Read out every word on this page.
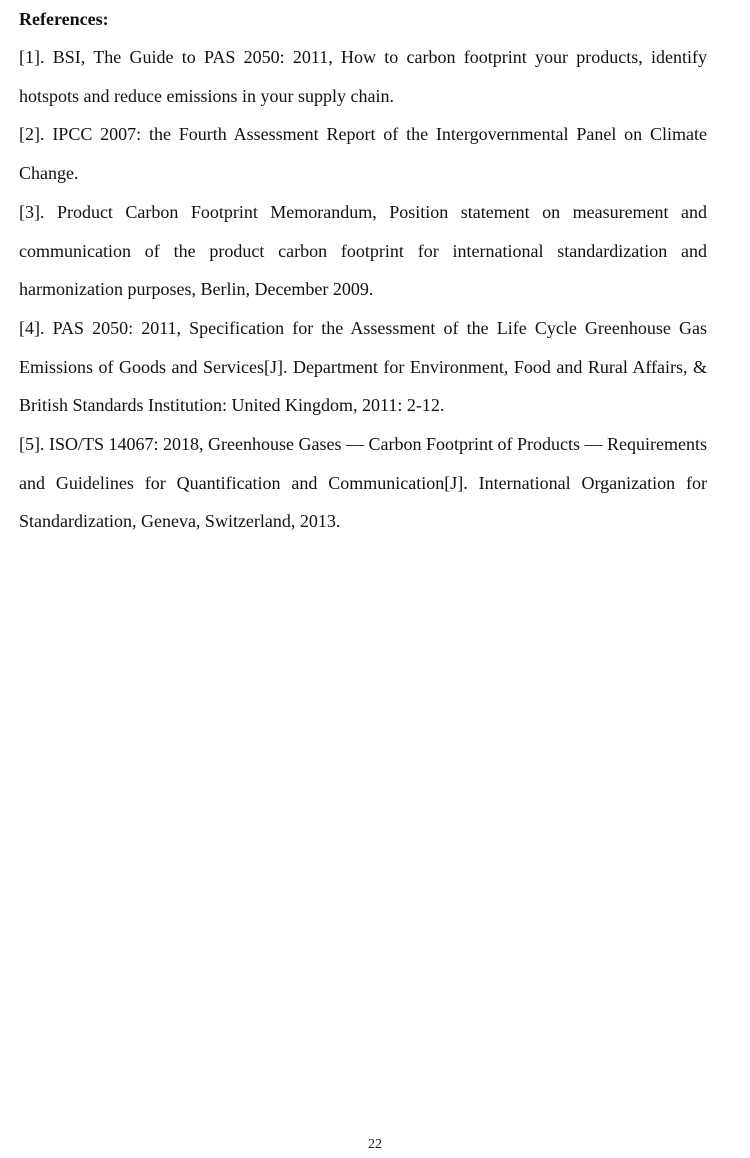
References:
[1]. BSI, The Guide to PAS 2050: 2011, How to carbon footprint your products, identify hotspots and reduce emissions in your supply chain.
[2]. IPCC 2007: the Fourth Assessment Report of the Intergovernmental Panel on Climate Change.
[3]. Product Carbon Footprint Memorandum, Position statement on measurement and communication of the product carbon footprint for international standardization and harmonization purposes, Berlin, December 2009.
[4]. PAS 2050: 2011, Specification for the Assessment of the Life Cycle Greenhouse Gas Emissions of Goods and Services[J]. Department for Environment, Food and Rural Affairs, & British Standards Institution: United Kingdom, 2011: 2-12.
[5]. ISO/TS 14067: 2018, Greenhouse Gases — Carbon Footprint of Products — Requirements and Guidelines for Quantification and Communication[J]. International Organization for Standardization, Geneva, Switzerland, 2013.
22
